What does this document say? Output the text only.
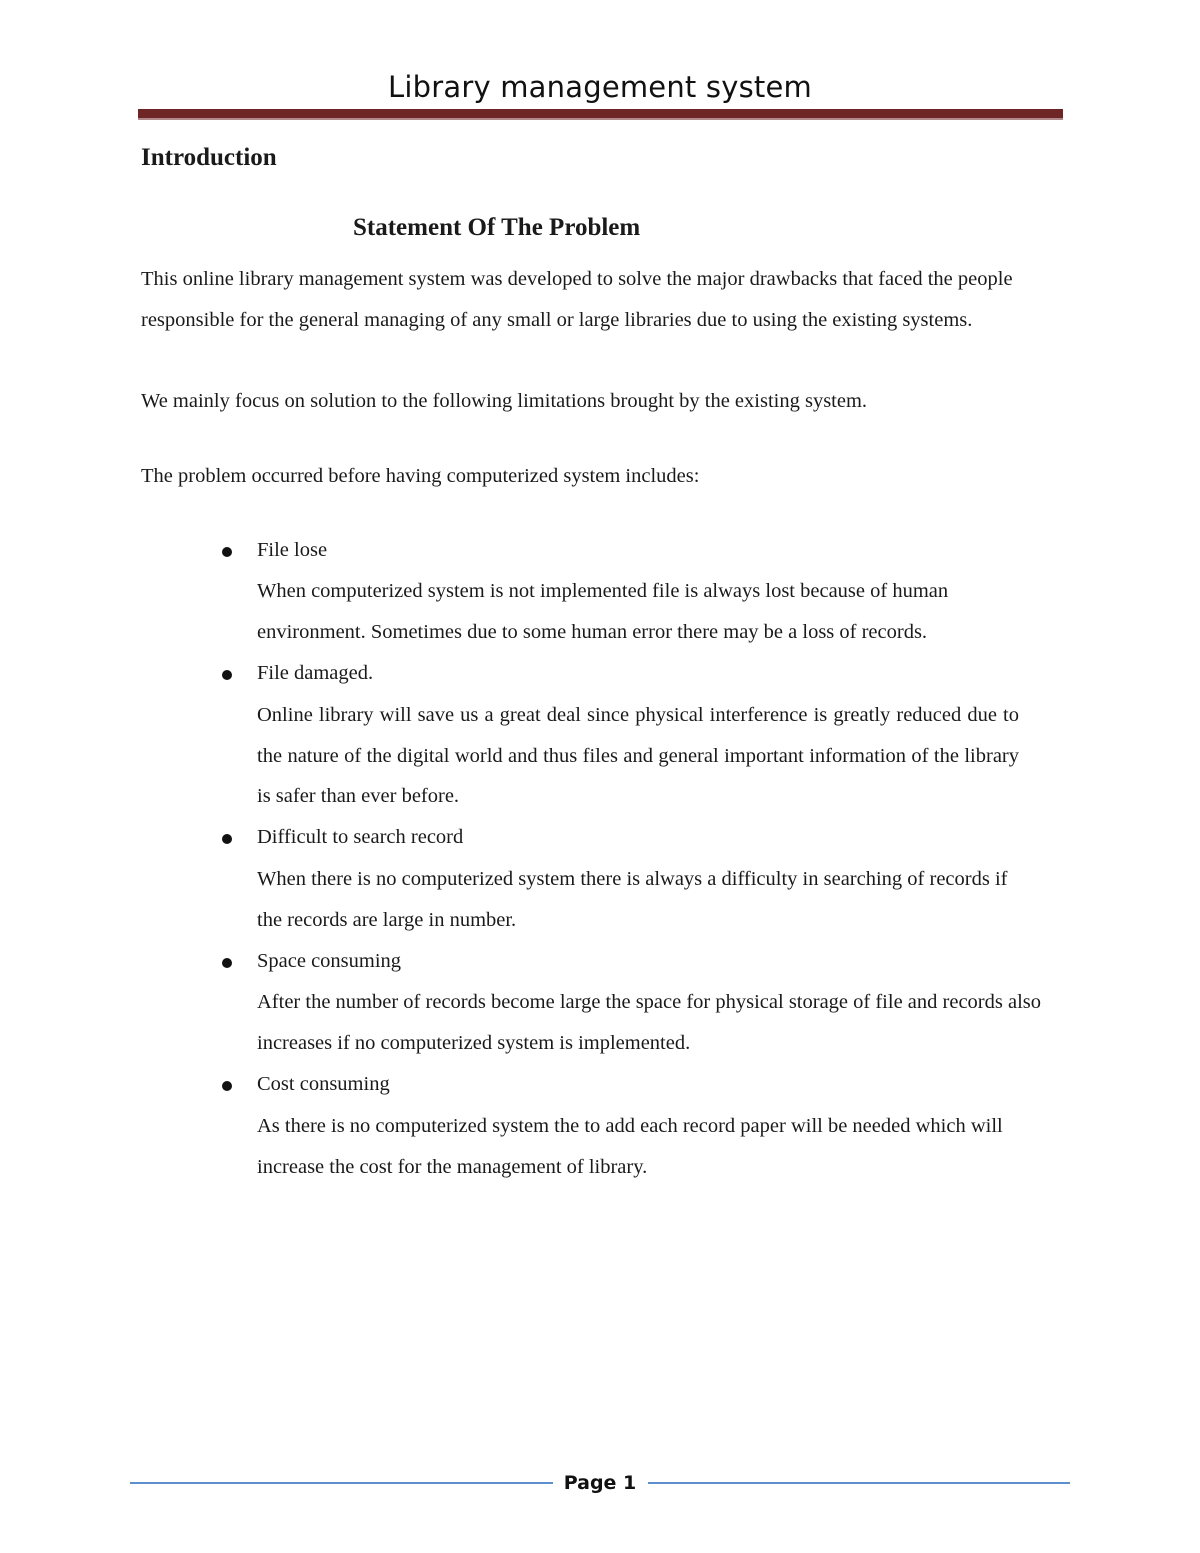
Library management system
Introduction
Statement Of The Problem

This online library management system was developed to solve the major drawbacks that faced the people responsible for the general managing of any small or large libraries due to using the existing systems.

We mainly focus on solution to the following limitations brought by the existing system.

The problem occurred before having computerized system includes:

File lose

When computerized system is not implemented file is always lost because of human environment. Sometimes due to some human error there may be a loss of records.

File damaged.

Online library will save us a great deal since physical interference is greatly reduced due to the nature of the digital world and thus files and general important information of the library is safer than ever before.

Difficult to search record

When there is no computerized system there is always a difficulty in searching of records if the records are large in number.

Space consuming

After the number of records become large the space for physical storage of file and records also increases if no computerized system is implemented.

Cost consuming

As there is no computerized system the to add each record paper will be needed which will increase the cost for the management of library.

Page 1
